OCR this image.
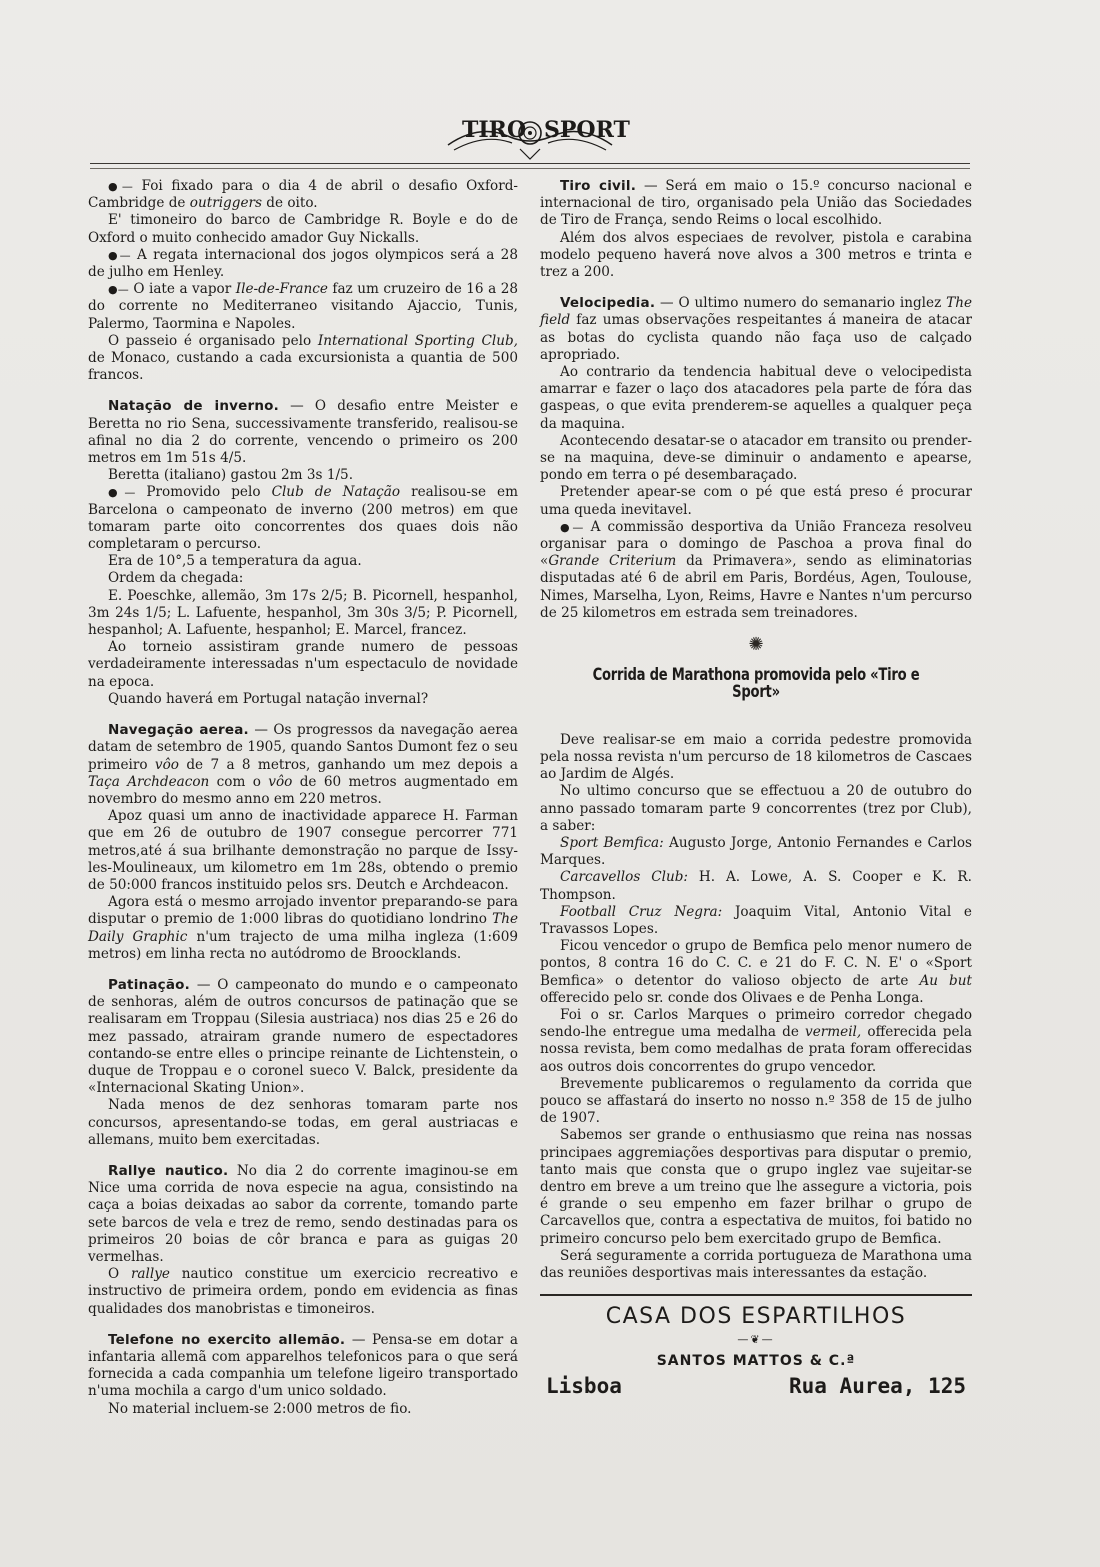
TIRO SPORT

●— Foi fixado para o dia 4 de abril o desafio Oxford-Cambridge de outriggers de oito.

E' timoneiro do barco de Cambridge R. Boyle e do de Oxford o muito conhecido amador Guy Nickalls.

●— A regata internacional dos jogos olympicos será a 28 de julho em Henley.

●— O iate a vapor Ile-de-France faz um cruzeiro de 16 a 28 do corrente no Mediterraneo visitando Ajaccio, Tunis, Palermo, Taormina e Napoles.

O passeio é organisado pelo International Sporting Club, de Monaco, custando a cada excursionista a quantia de 500 francos.

Natação de inverno. — O desafio entre Meister e Beretta no rio Sena, successivamente transferido, realisou-se afinal no dia 2 do corrente, vencendo o primeiro os 200 metros em 1m 51s 4/5.

Beretta (italiano) gastou 2m 3s 1/5.

●— Promovido pelo Club de Natação realisou-se em Barcelona o campeonato de inverno (200 metros) em que tomaram parte oito concorrentes dos quaes dois não completaram o percurso.

Era de 10°,5 a temperatura da agua.

Ordem da chegada:

E. Poeschke, allemão, 3m 17s 2/5; B. Picornell, hespanhol, 3m 24s 1/5; L. Lafuente, hespanhol, 3m 30s 3/5; P. Picornell, hespanhol; A. Lafuente, hespanhol; E. Marcel, francez.

Ao torneio assistiram grande numero de pessoas verdadeiramente interessadas n'um espectaculo de novidade na epoca.

Quando haverá em Portugal natação invernal?

Navegação aerea. — Os progressos da navegação aerea datam de setembro de 1905, quando Santos Dumont fez o seu primeiro vôo de 7 a 8 metros, ganhando um mez depois a Taça Archdeacon com o vôo de 60 metros augmentado em novembro do mesmo anno em 220 metros.

Apoz quasi um anno de inactividade apparece H. Farman que em 26 de outubro de 1907 consegue percorrer 771 metros,até á sua brilhante demonstração no parque de Issy-les-Moulineaux, um kilometro em 1m 28s, obtendo o premio de 50:000 francos instituido pelos srs. Deutch e Archdeacon.

Agora está o mesmo arrojado inventor preparando-se para disputar o premio de 1:000 libras do quotidiano londrino The Daily Graphic n'um trajecto de uma milha ingleza (1:609 metros) em linha recta no autódromo de Broocklands.

Patinação. — O campeonato do mundo e o campeonato de senhoras, além de outros concursos de patinação que se realisaram em Troppau (Silesia austriaca) nos dias 25 e 26 do mez passado, atrairam grande numero de espectadores contando-se entre elles o principe reinante de Lichtenstein, o duque de Troppau e o coronel sueco V. Balck, presidente da «Internacional Skating Union».

Nada menos de dez senhoras tomaram parte nos concursos, apresentando-se todas, em geral austriacas e allemans, muito bem exercitadas.

Rallye nautico. No dia 2 do corrente imaginou-se em Nice uma corrida de nova especie na agua, consistindo na caça a boias deixadas ao sabor da corrente, tomando parte sete barcos de vela e trez de remo, sendo destinadas para os primeiros 20 boias de côr branca e para as guigas 20 vermelhas.

O rallye nautico constitue um exercicio recreativo e instructivo de primeira ordem, pondo em evidencia as finas qualidades dos manobristas e timoneiros.

Telefone no exercito allemão. — Pensa-se em dotar a infantaria allemã com apparelhos telefonicos para o que será fornecida a cada companhia um telefone ligeiro transportado n'uma mochila a cargo d'um unico soldado.

No material incluem-se 2:000 metros de fio.

Tiro civil. — Será em maio o 15.º concurso nacional e internacional de tiro, organisado pela União das Sociedades de Tiro de França, sendo Reims o local escolhido.

Além dos alvos especiaes de revolver, pistola e carabina modelo pequeno haverá nove alvos a 300 metros e trinta e trez a 200.

Velocipedia. — O ultimo numero do semanario inglez The field faz umas observações respeitantes á maneira de atacar as botas do cyclista quando não faça uso de calçado apropriado.

Ao contrario da tendencia habitual deve o velocipedista amarrar e fazer o laço dos atacadores pela parte de fóra das gaspeas, o que evita prenderem-se aquelles a qualquer peça da maquina.

Acontecendo desatar-se o atacador em transito ou prender-se na maquina, deve-se diminuir o andamento e apearse, pondo em terra o pé desembaraçado.

Pretender apear-se com o pé que está preso é procurar uma queda inevitavel.

●— A commissão desportiva da União Franceza resolveu organisar para o domingo de Paschoa a prova final do «Grande Criterium da Primavera», sendo as eliminatorias disputadas até 6 de abril em Paris, Bordéus, Agen, Toulouse, Nimes, Marselha, Lyon, Reims, Havre e Nantes n'um percurso de 25 kilometros em estrada sem treinadores.

✺
Corrida de Marathona promovida pelo «Tiro e Sport»

Deve realisar-se em maio a corrida pedestre promovida pela nossa revista n'um percurso de 18 kilometros de Cascaes ao Jardim de Algés.

No ultimo concurso que se effectuou a 20 de outubro do anno passado tomaram parte 9 concorrentes (trez por Club), a saber:

Sport Bemfica: Augusto Jorge, Antonio Fernandes e Carlos Marques.

Carcavellos Club: H. A. Lowe, A. S. Cooper e K. R. Thompson.

Football Cruz Negra: Joaquim Vital, Antonio Vital e Travassos Lopes.

Ficou vencedor o grupo de Bemfica pelo menor numero de pontos, 8 contra 16 do C. C. e 21 do F. C. N. E' o «Sport Bemfica» o detentor do valioso objecto de arte Au but offerecido pelo sr. conde dos Olivaes e de Penha Longa.

Foi o sr. Carlos Marques o primeiro corredor chegado sendo-lhe entregue uma medalha de vermeil, offerecida pela nossa revista, bem como medalhas de prata foram offerecidas aos outros dois concorrentes do grupo vencedor.

Brevemente publicaremos o regulamento da corrida que pouco se affastará do inserto no nosso n.º 358 de 15 de julho de 1907.

Sabemos ser grande o enthusiasmo que reina nas nossas principaes aggremiações desportivas para disputar o premio, tanto mais que consta que o grupo inglez vae sujeitar-se dentro em breve a um treino que lhe assegure a victoria, pois é grande o seu empenho em fazer brilhar o grupo de Carcavellos que, contra a espectativa de muitos, foi batido no primeiro concurso pelo bem exercitado grupo de Bemfica.

Será seguramente a corrida portugueza de Marathona uma das reuniões desportivas mais interessantes da estação.

CASA DOS ESPARTILHOS
—❦—
SANTOS MATTOS & C.ª
Lisboa	Rua Aurea, 125
